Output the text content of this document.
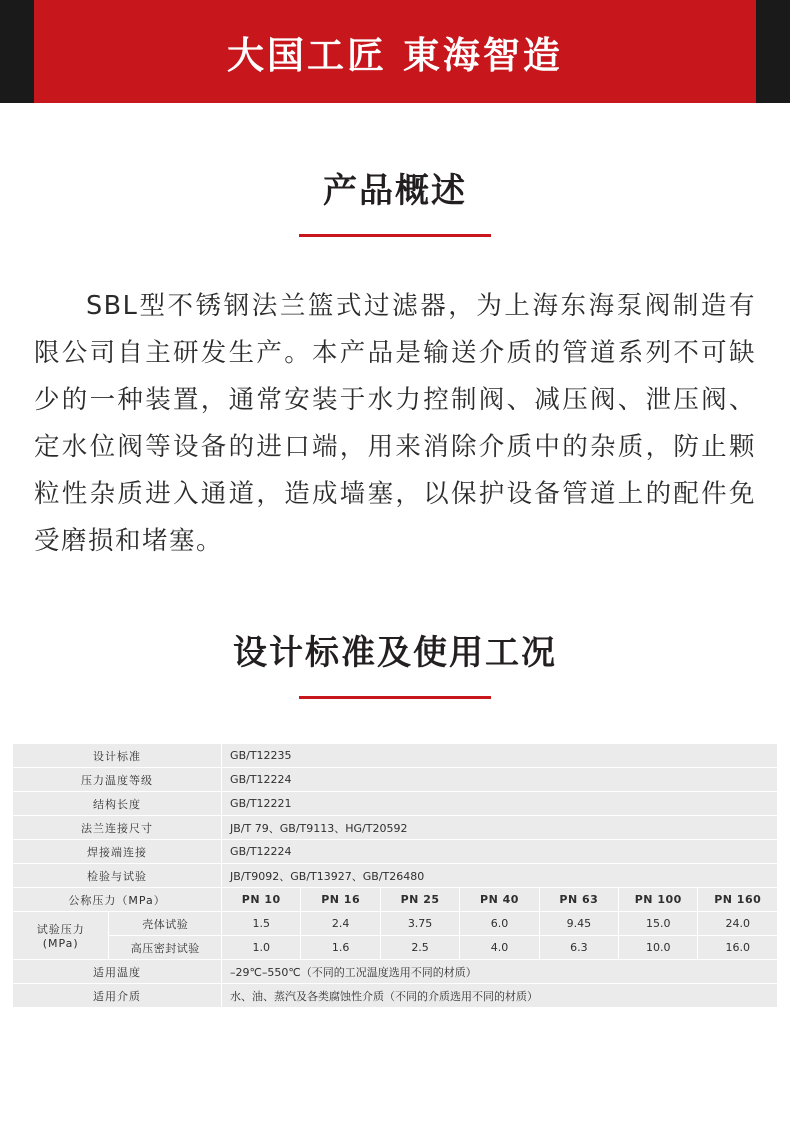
大国工匠 東海智造
产品概述
SBL型不锈钢法兰篮式过滤器，为上海东海泵阀制造有限公司自主研发生产。本产品是输送介质的管道系列不可缺少的一种装置，通常安装于水力控制阀、减压阀、泄压阀、定水位阀等设备的进口端，用来消除介质中的杂质，防止颗粒性杂质进入通道，造成墙塞，以保护设备管道上的配件免受磨损和堵塞。
设计标准及使用工况
设计标准		GB/T12235						
压力温度等级		GB/T12224						
结构长度		GB/T12221						
法兰连接尺寸		JB/T 79、GB/T9113、HG/T20592						
焊接端连接		GB/T12224						
检验与试验		JB/T9092、GB/T13927、GB/T26480						
公称压力（MPa）		PN 10	PN 16	PN 25	PN 40	PN 63	PN 100	PN 160
试验压力(MPa)	壳体试验	1.5	2.4	3.75	6.0	9.45	15.0	24.0
	高压密封试验	1.0	1.6	2.5	4.0	6.3	10.0	16.0
适用温度		–29℃–550℃（不同的工况温度选用不同的材质）						
适用介质		水、油、蒸汽及各类腐蚀性介质（不同的介质选用不同的材质）						
